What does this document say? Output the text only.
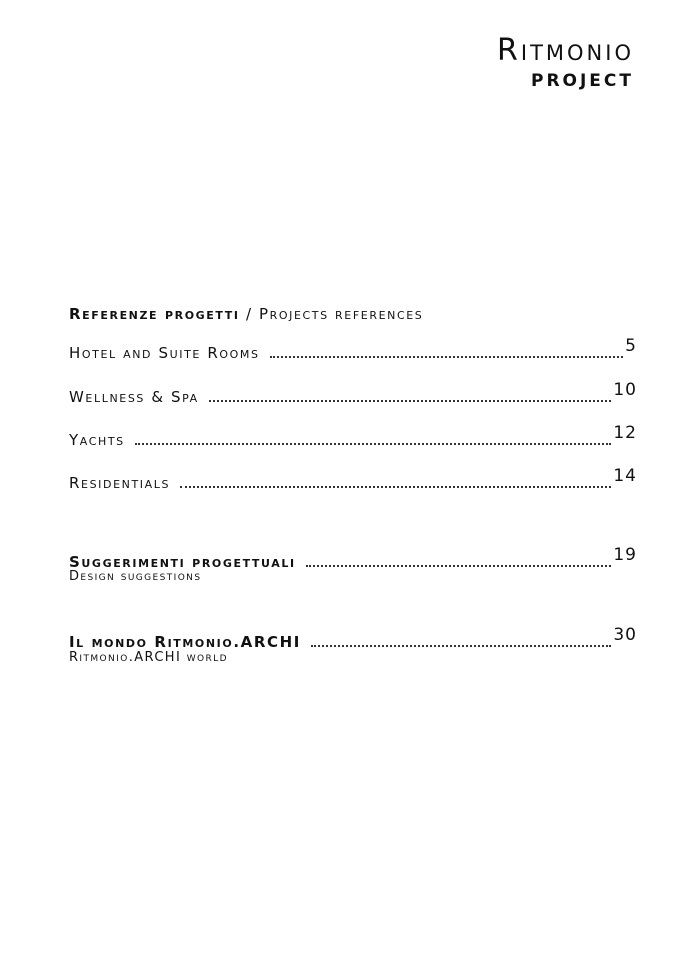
Ritmonio
project
Referenze progetti / Projects references
Hotel and Suite Rooms	5
Wellness & Spa	10
Yachts	12
Residentials	14
Suggerimenti progettuali	19
Design suggestions
Il mondo Ritmonio.ARCHI	30
Ritmonio.ARCHI world
